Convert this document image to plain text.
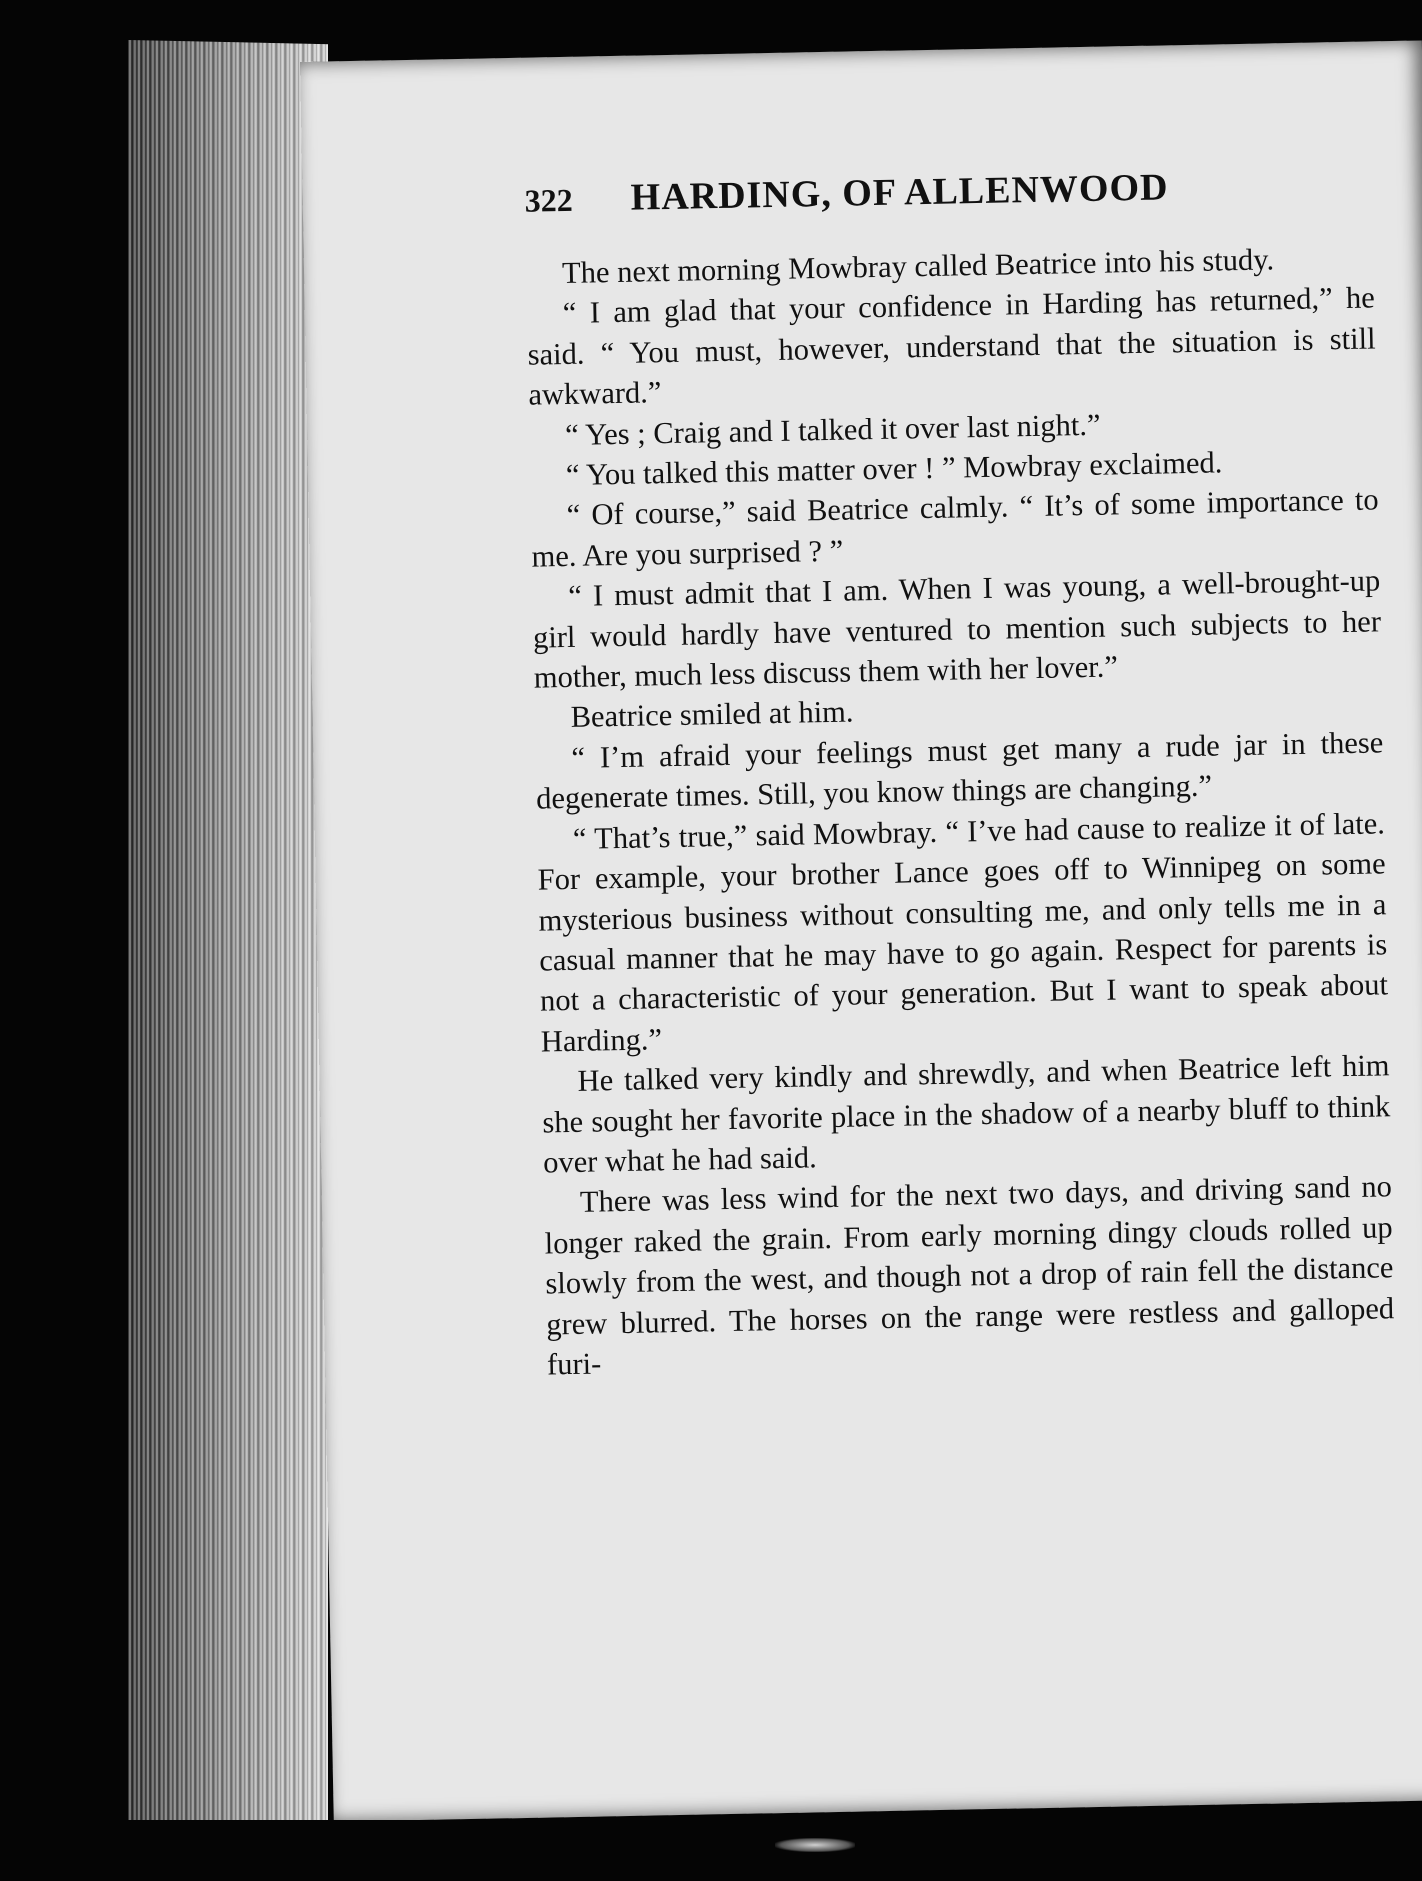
322 HARDING, OF ALLENWOOD

The next morning Mowbray called Beatrice into his study.

“ I am glad that your confidence in Harding has returned,” he said. “ You must, however, understand that the situation is still awkward.”

“ Yes ; Craig and I talked it over last night.”

“ You talked this matter over ! ” Mowbray exclaimed.

“ Of course,” said Beatrice calmly. “ It’s of some importance to me. Are you surprised ? ”

“ I must admit that I am. When I was young, a well-brought-up girl would hardly have ventured to mention such subjects to her mother, much less discuss them with her lover.”

Beatrice smiled at him.

“ I’m afraid your feelings must get many a rude jar in these degenerate times. Still, you know things are changing.”

“ That’s true,” said Mowbray. “ I’ve had cause to realize it of late. For example, your brother Lance goes off to Winnipeg on some mysterious business without consulting me, and only tells me in a casual manner that he may have to go again. Respect for parents is not a characteristic of your generation. But I want to speak about Harding.”

He talked very kindly and shrewdly, and when Beatrice left him she sought her favorite place in the shadow of a nearby bluff to think over what he had said.

There was less wind for the next two days, and driving sand no longer raked the grain. From early morning dingy clouds rolled up slowly from the west, and though not a drop of rain fell the distance grew blurred. The horses on the range were restless and galloped furi-
